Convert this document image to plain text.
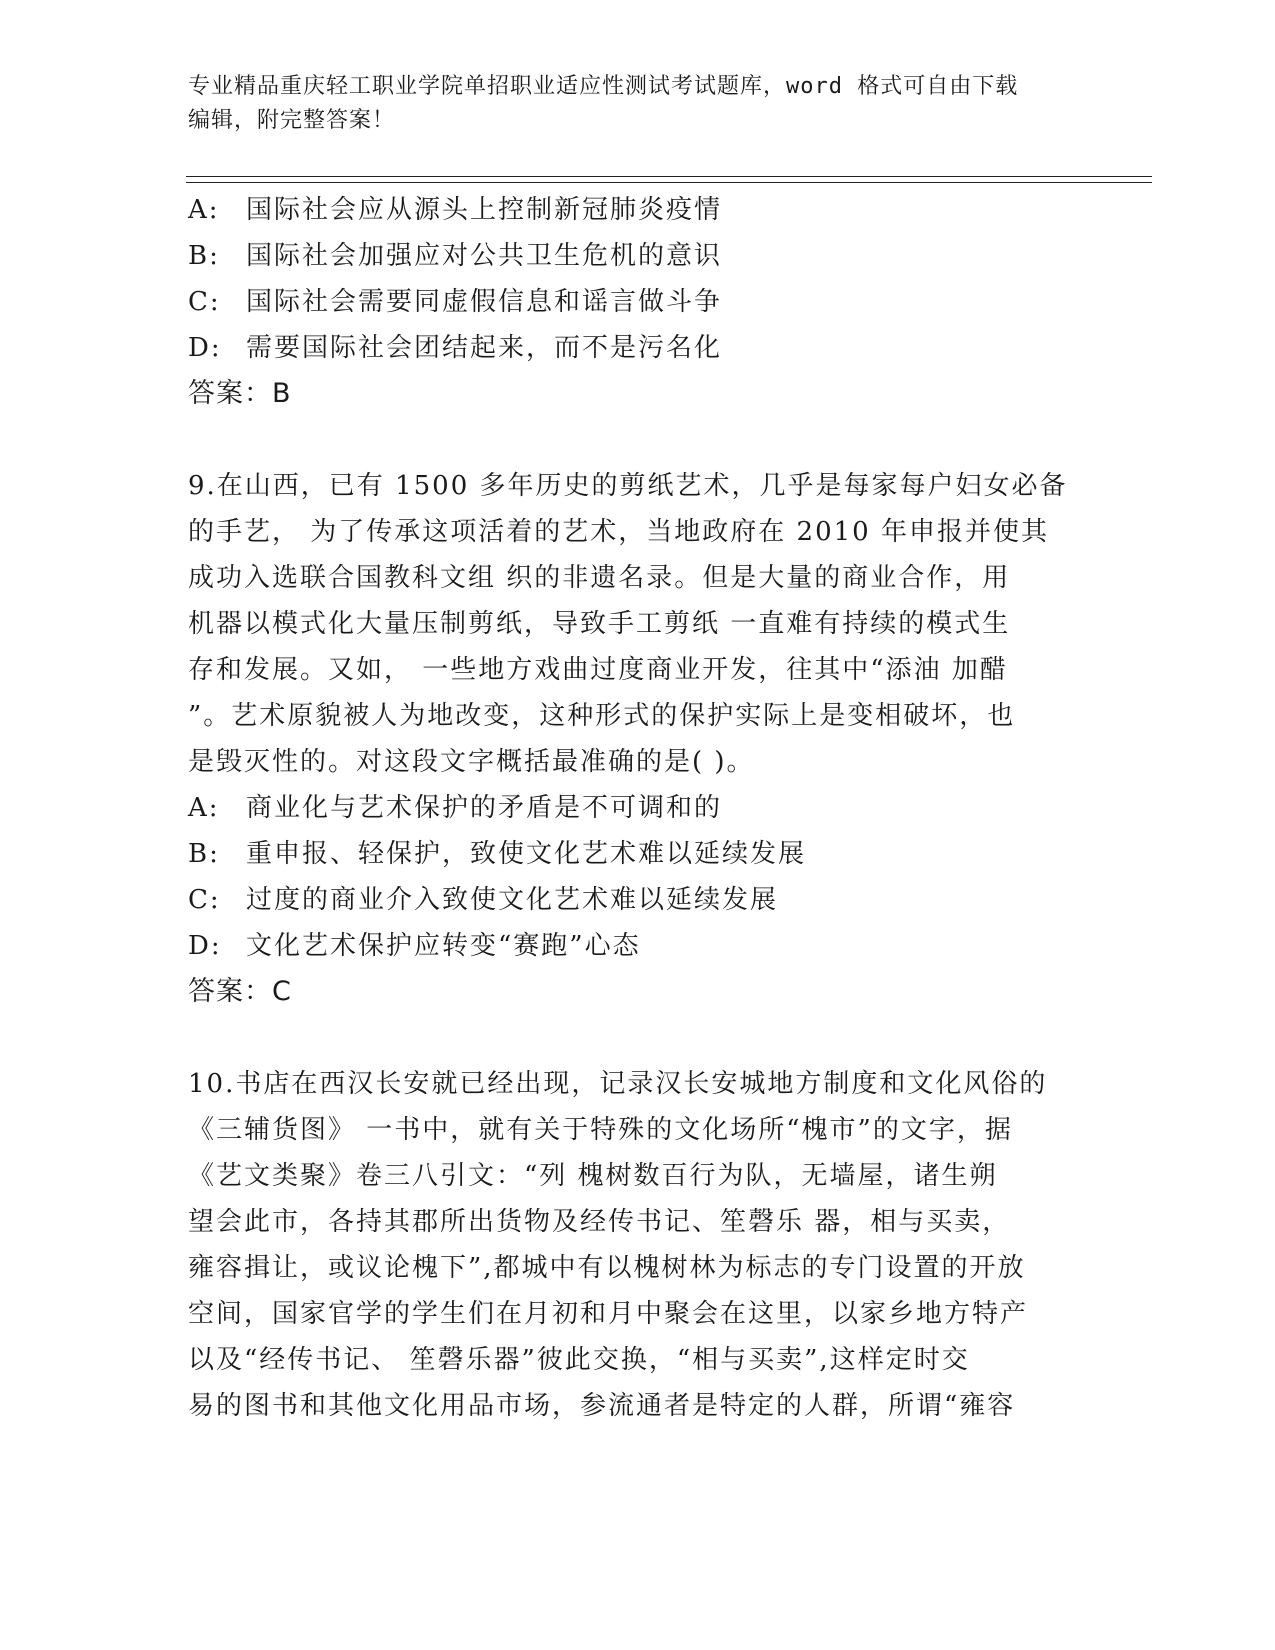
专业精品重庆轻工职业学院单招职业适应性测试考试题库，word 格式可自由下载
编辑，附完整答案！
A:	国际社会应从源头上控制新冠肺炎疫情
B:	国际社会加强应对公共卫生危机的意识
C: 国际社会需要同虚假信息和谣言做斗争
D: 需要国际社会团结起来，而不是污名化
答案：B
9.在山西，已有 1500 多年历史的剪纸艺术，几乎是每家每户妇女必备
的手艺， 为了传承这项活着的艺术，当地政府在 2010 年申报并使其
成功入选联合国教科文组 织的非遗名录。但是大量的商业合作，用
机器以模式化大量压制剪纸，导致手工剪纸 一直难有持续的模式生
存和发展。又如， 一些地方戏曲过度商业开发，往其中“添油 加醋
”。艺术原貌被人为地改变，这种形式的保护实际上是变相破坏，也
是毁灭性的。对这段文字概括最准确的是( )。
A:	商业化与艺术保护的矛盾是不可调和的
B:	重申报、轻保护，致使文化艺术难以延续发展
C: 过度的商业介入致使文化艺术难以延续发展
D: 文化艺术保护应转变“赛跑”心态
答案：C
10.书店在西汉长安就已经出现，记录汉长安城地方制度和文化风俗的
《三辅货图》 一书中，就有关于特殊的文化场所“槐市”的文字，据
《艺文类聚》卷三八引文：“列 槐树数百行为队，无墙屋，诸生朔
望会此市，各持其郡所出货物及经传书记、笙磬乐 器，相与买卖，
雍容揖让，或议论槐下”,都城中有以槐树林为标志的专门设置的开放
空间，国家官学的学生们在月初和月中聚会在这里，以家乡地方特产
以及“经传书记、 笙磬乐器”彼此交换，“相与买卖”,这样定时交
易的图书和其他文化用品市场，参流通者是特定的人群，所谓“雍容
